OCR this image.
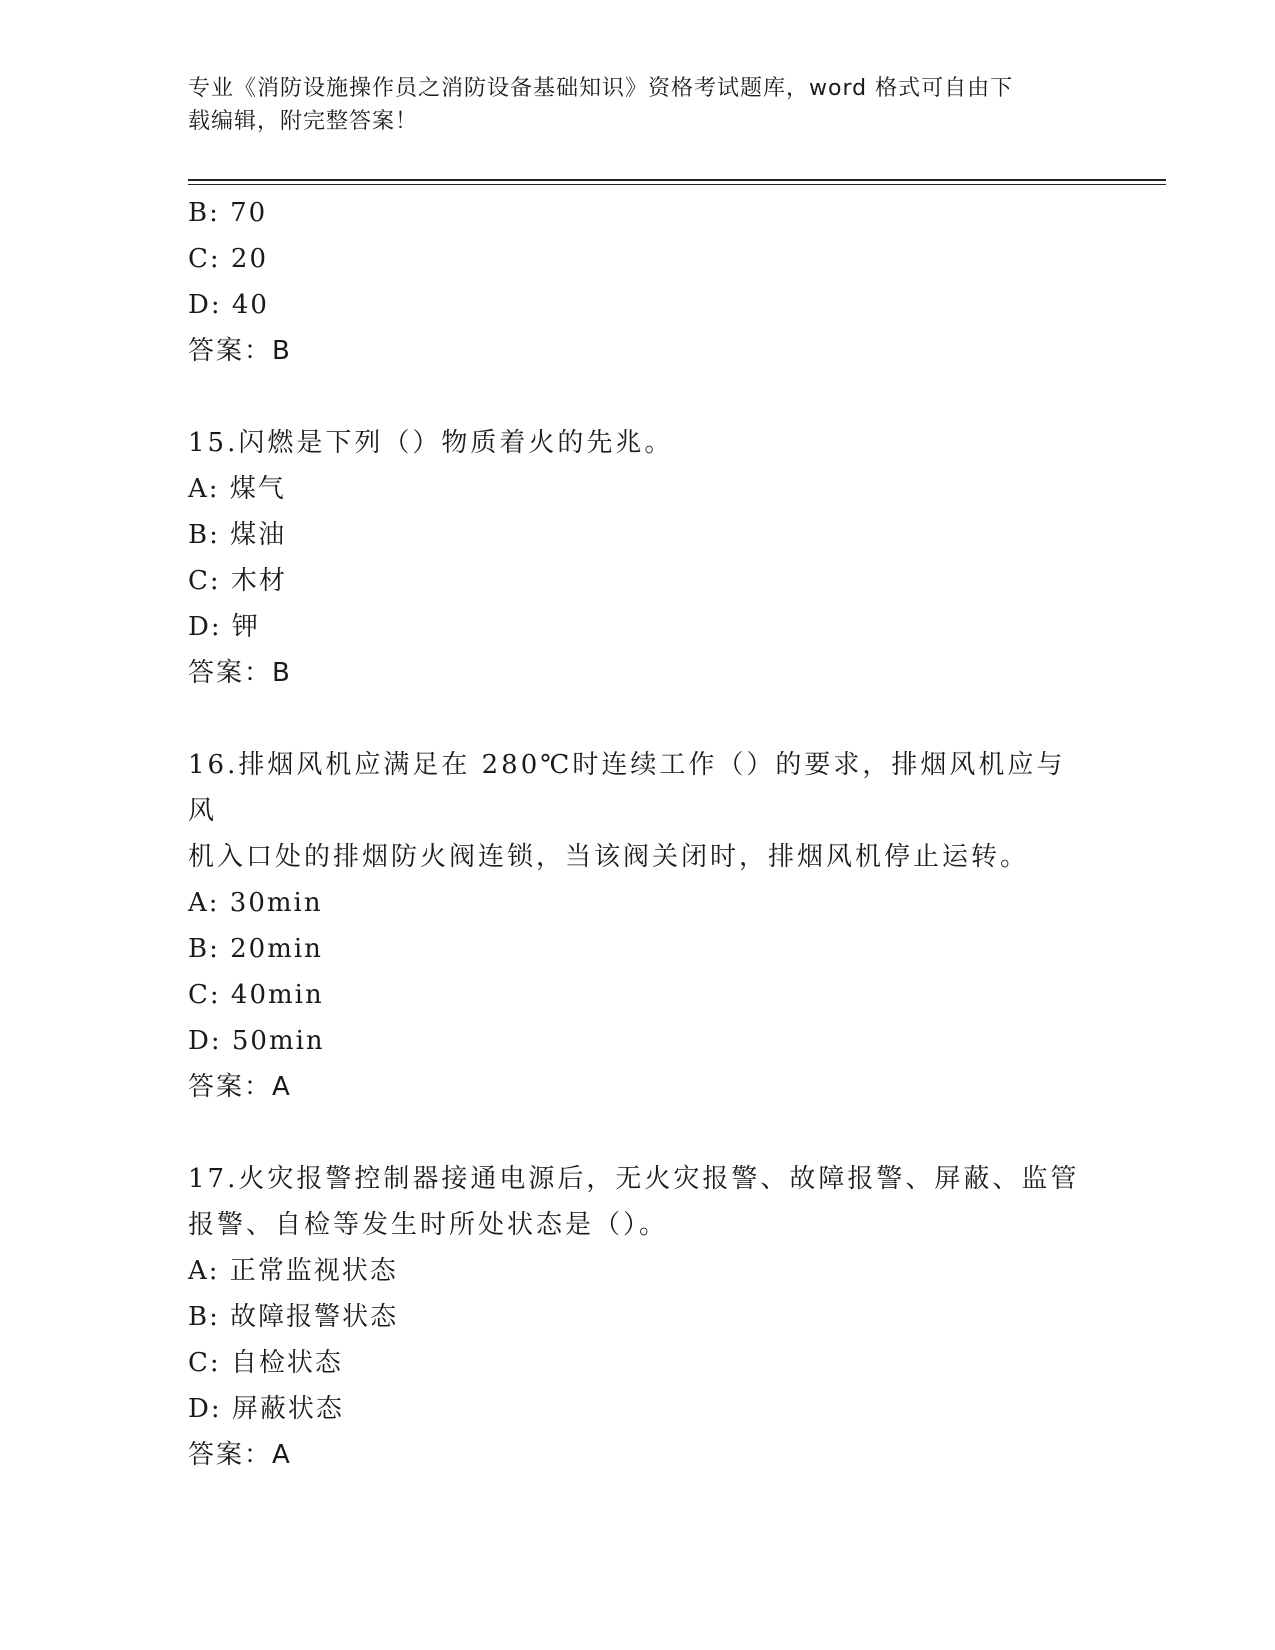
专业《消防设施操作员之消防设备基础知识》资格考试题库，word 格式可自由下
载编辑，附完整答案！
B: 70
C: 20
D: 40
答案：B
15.闪燃是下列（）物质着火的先兆。
A: 煤气
B: 煤油
C: 木材
D: 钾
答案：B
16.排烟风机应满足在 280℃时连续工作（）的要求，排烟风机应与风
机入口处的排烟防火阀连锁，当该阀关闭时，排烟风机停止运转。
A: 30min
B: 20min
C: 40min
D: 50min
答案：A
17.火灾报警控制器接通电源后，无火灾报警、故障报警、屏蔽、监管
报警、自检等发生时所处状态是（）。
A: 正常监视状态
B: 故障报警状态
C: 自检状态
D: 屏蔽状态
答案：A
